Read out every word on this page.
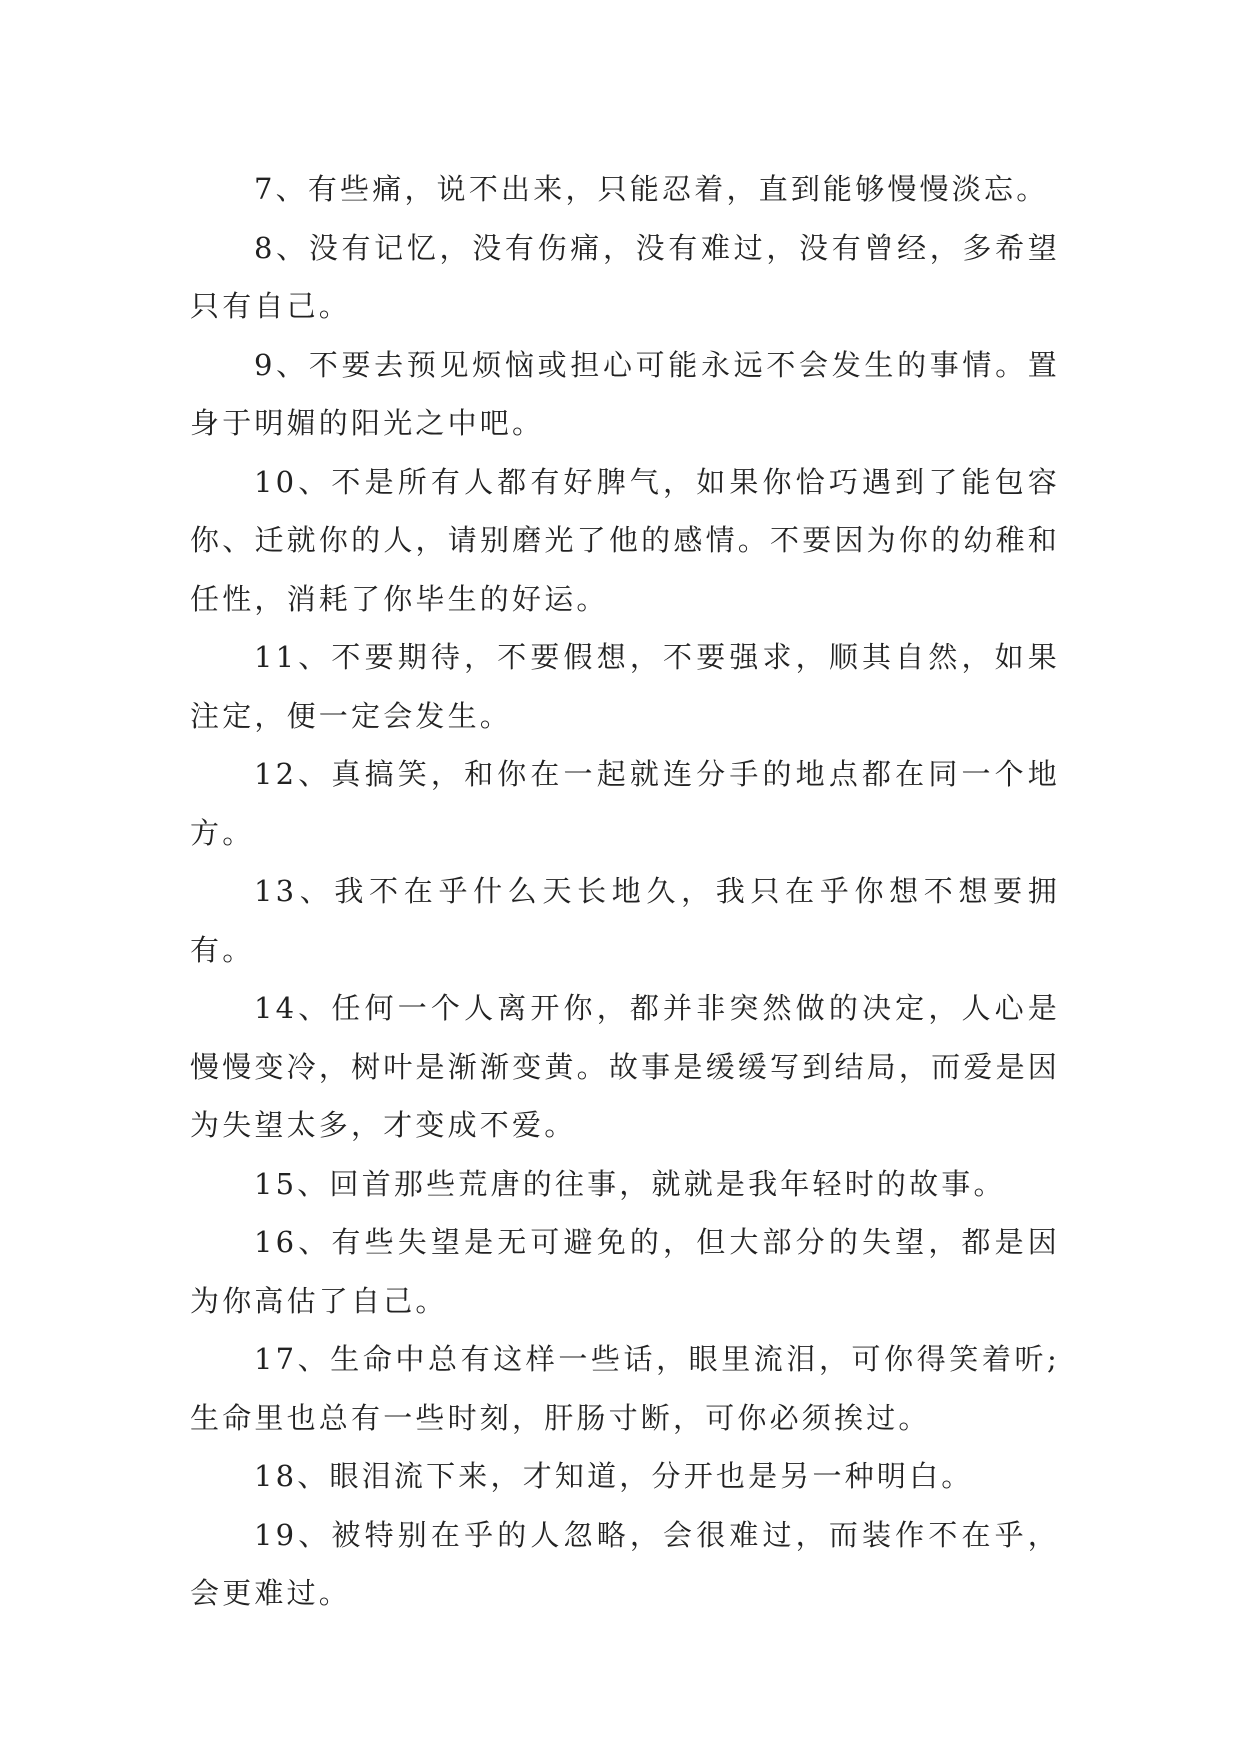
7、有些痛，说不出来，只能忍着，直到能够慢慢淡忘。

8、没有记忆，没有伤痛，没有难过，没有曾经，多希望只有自己。

9、不要去预见烦恼或担心可能永远不会发生的事情。置身于明媚的阳光之中吧。

10、不是所有人都有好脾气，如果你恰巧遇到了能包容你、迁就你的人，请别磨光了他的感情。不要因为你的幼稚和任性，消耗了你毕生的好运。

11、不要期待，不要假想，不要强求，顺其自然，如果注定，便一定会发生。

12、真搞笑，和你在一起就连分手的地点都在同一个地方。

13、我不在乎什么天长地久，我只在乎你想不想要拥有。

14、任何一个人离开你，都并非突然做的决定，人心是慢慢变冷，树叶是渐渐变黄。故事是缓缓写到结局，而爱是因为失望太多，才变成不爱。

15、回首那些荒唐的往事，就就是我年轻时的故事。

16、有些失望是无可避免的，但大部分的失望，都是因为你高估了自己。

17、生命中总有这样一些话，眼里流泪，可你得笑着听;生命里也总有一些时刻，肝肠寸断，可你必须挨过。

18、眼泪流下来，才知道，分开也是另一种明白。

19、被特别在乎的人忽略，会很难过，而装作不在乎，会更难过。
